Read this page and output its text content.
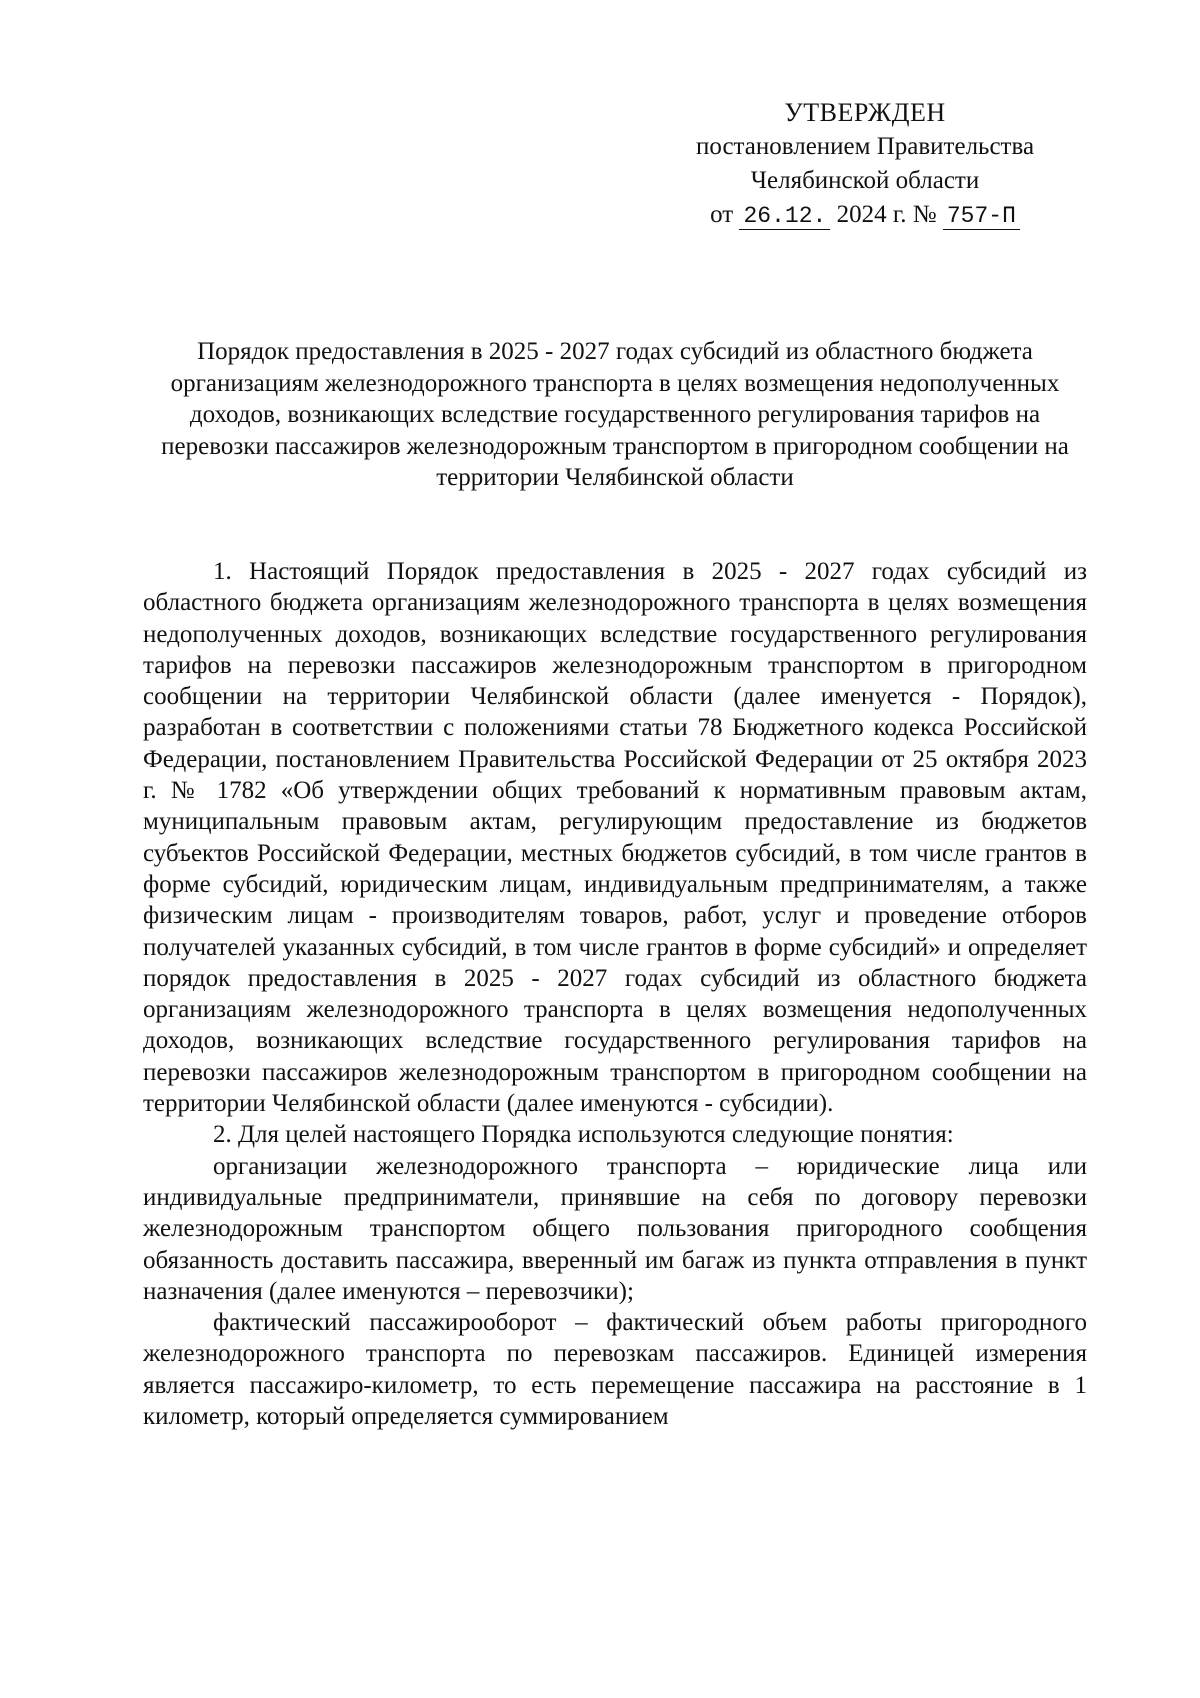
УТВЕРЖДЕН
постановлением Правительства
Челябинской области
от 26.12. 2024 г. № 757-П
Порядок предоставления в 2025 - 2027 годах субсидий из областного бюджета организациям железнодорожного транспорта в целях возмещения недополученных доходов, возникающих вследствие государственного регулирования тарифов на перевозки пассажиров железнодорожным транспортом в пригородном сообщении на территории Челябинской области

1. Настоящий Порядок предоставления в 2025 - 2027 годах субсидий из областного бюджета организациям железнодорожного транспорта в целях возмещения недополученных доходов, возникающих вследствие государственного регулирования тарифов на перевозки пассажиров железнодорожным транспортом в пригородном сообщении на территории Челябинской области (далее именуется - Порядок), разработан в соответствии с положениями статьи 78 Бюджетного кодекса Российской Федерации, постановлением Правительства Российской Федерации от 25 октября 2023 г. № 1782 «Об утверждении общих требований к нормативным правовым актам, муниципальным правовым актам, регулирующим предоставление из бюджетов субъектов Российской Федерации, местных бюджетов субсидий, в том числе грантов в форме субсидий, юридическим лицам, индивидуальным предпринимателям, а также физическим лицам - производителям товаров, работ, услуг и проведение отборов получателей указанных субсидий, в том числе грантов в форме субсидий» и определяет порядок предоставления в 2025 - 2027 годах субсидий из областного бюджета организациям железнодорожного транспорта в целях возмещения недополученных доходов, возникающих вследствие государственного регулирования тарифов на перевозки пассажиров железнодорожным транспортом в пригородном сообщении на территории Челябинской области (далее именуются - субсидии).

2. Для целей настоящего Порядка используются следующие понятия:

организации железнодорожного транспорта – юридические лица или индивидуальные предприниматели, принявшие на себя по договору перевозки железнодорожным транспортом общего пользования пригородного сообщения обязанность доставить пассажира, вверенный им багаж из пункта отправления в пункт назначения (далее именуются – перевозчики);

фактический пассажирооборот – фактический объем работы пригородного железнодорожного транспорта по перевозкам пассажиров. Единицей измерения является пассажиро-километр, то есть перемещение пассажира на расстояние в 1 километр, который определяется суммированием
